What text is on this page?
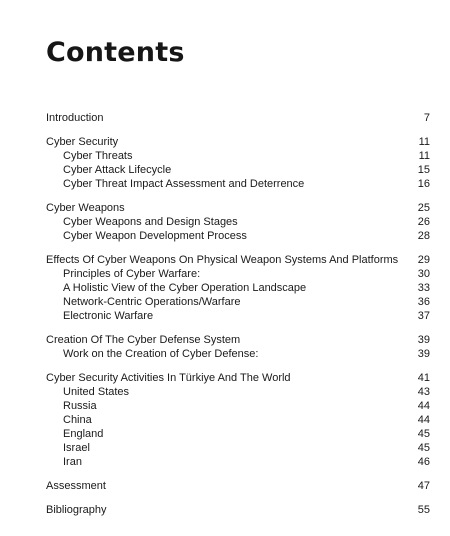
Contents
Introduction	7
Cyber Security	11
Cyber Threats	11
Cyber Attack Lifecycle	15
Cyber Threat Impact Assessment and Deterrence	16
Cyber Weapons	25
Cyber Weapons and Design Stages	26
Cyber Weapon Development Process	28
Effects Of Cyber Weapons On Physical Weapon Systems And Platforms	29
Principles of Cyber Warfare:	30
A Holistic View of the Cyber Operation Landscape	33
Network-Centric Operations/Warfare	36
Electronic Warfare	37
Creation Of The Cyber Defense System	39
Work on the Creation of Cyber Defense:	39
Cyber Security Activities In Türkiye And The World	41
United States	43
Russia	44
China	44
England	45
Israel	45
Iran	46
Assessment	47
Bibliography	55
